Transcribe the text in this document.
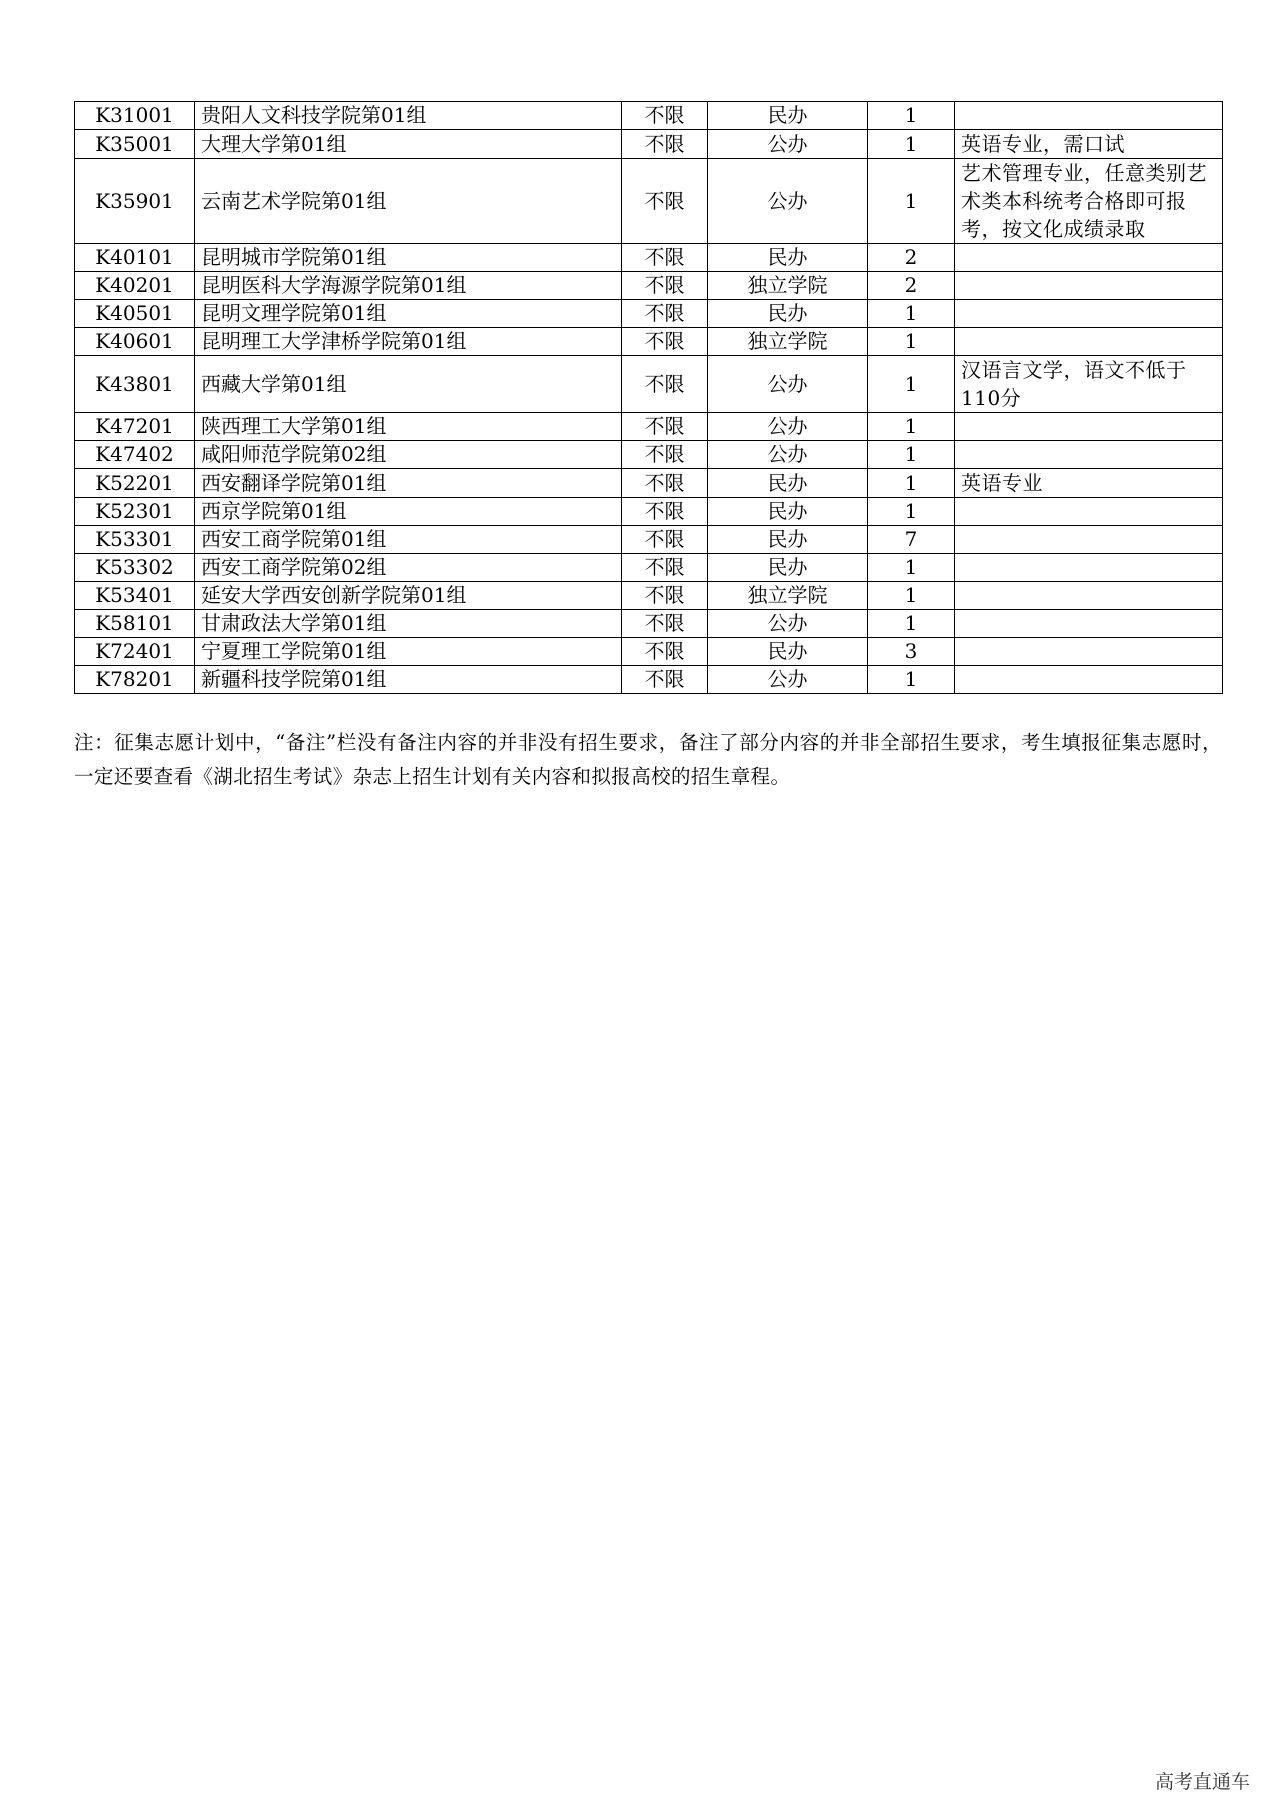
K31001	贵阳人文科技学院第01组	不限	民办	1	
K35001	大理大学第01组	不限	公办	1	英语专业，需口试
K35901	云南艺术学院第01组	不限	公办	1	艺术管理专业，任意类别艺术类本科统考合格即可报考，按文化成绩录取
K40101	昆明城市学院第01组	不限	民办	2	
K40201	昆明医科大学海源学院第01组	不限	独立学院	2	
K40501	昆明文理学院第01组	不限	民办	1	
K40601	昆明理工大学津桥学院第01组	不限	独立学院	1	
K43801	西藏大学第01组	不限	公办	1	汉语言文学，语文不低于110分
K47201	陕西理工大学第01组	不限	公办	1	
K47402	咸阳师范学院第02组	不限	公办	1	
K52201	西安翻译学院第01组	不限	民办	1	英语专业
K52301	西京学院第01组	不限	民办	1	
K53301	西安工商学院第01组	不限	民办	7	
K53302	西安工商学院第02组	不限	民办	1	
K53401	延安大学西安创新学院第01组	不限	独立学院	1	
K58101	甘肃政法大学第01组	不限	公办	1	
K72401	宁夏理工学院第01组	不限	民办	3	
K78201	新疆科技学院第01组	不限	公办	1	
注：征集志愿计划中，“备注”栏没有备注内容的并非没有招生要求，备注了部分内容的并非全部招生要求，考生填报征集志愿时，一定还要查看《湖北招生考试》杂志上招生计划有关内容和拟报高校的招生章程。
高考直通车
